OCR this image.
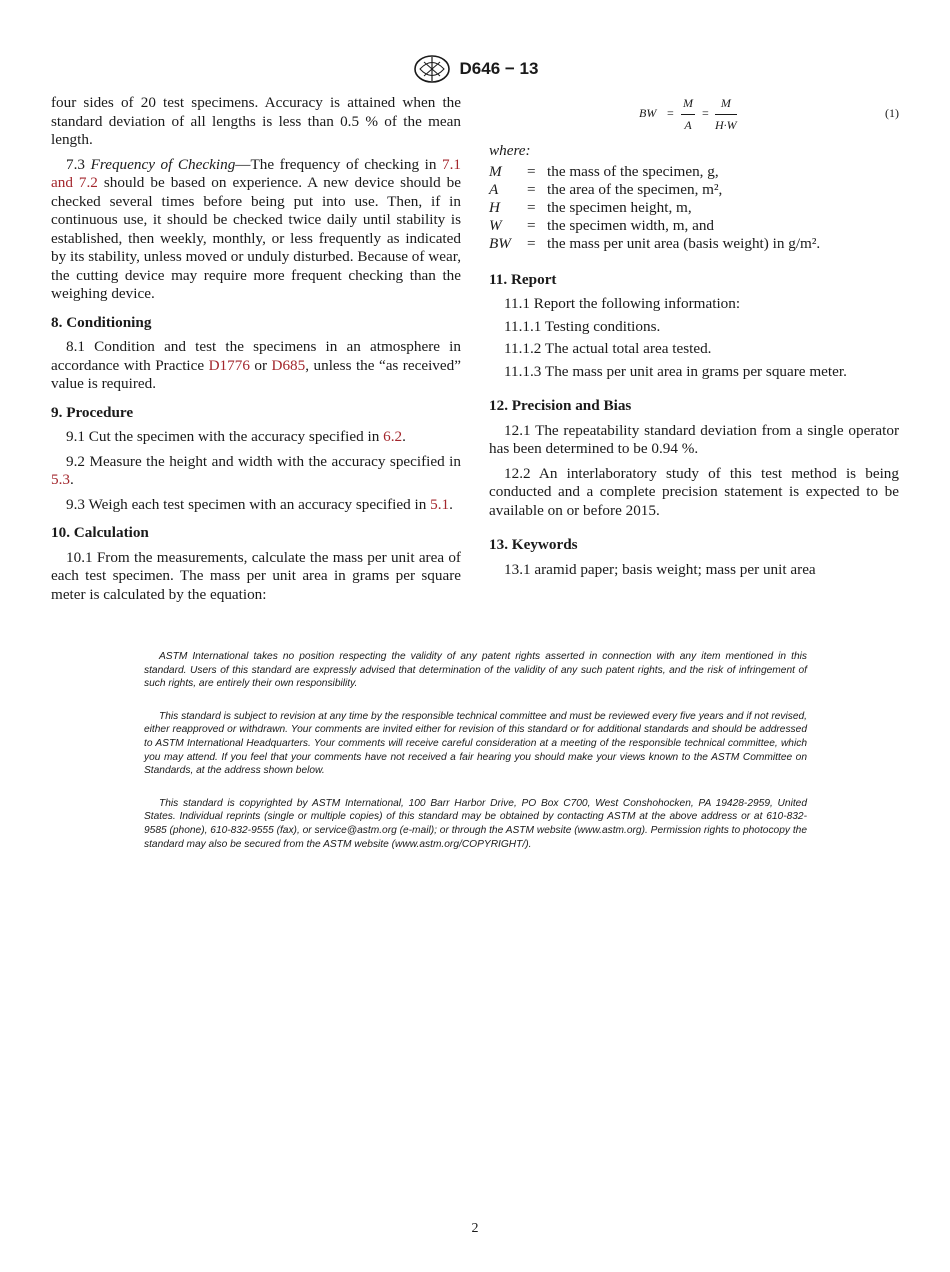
D646 − 13

four sides of 20 test specimens. Accuracy is attained when the standard deviation of all lengths is less than 0.5 % of the mean length.

7.3 Frequency of Checking—The frequency of checking in 7.1 and 7.2 should be based on experience. A new device should be checked several times before being put into use. Then, if in continuous use, it should be checked twice daily until stability is established, then weekly, monthly, or less frequently as indicated by its stability, unless moved or unduly disturbed. Because of wear, the cutting device may require more frequent checking than the weighing device.

8. Conditioning

8.1 Condition and test the specimens in an atmosphere in accordance with Practice D1776 or D685, unless the “as received” value is required.

9. Procedure

9.1 Cut the specimen with the accuracy specified in 6.2.

9.2 Measure the height and width with the accuracy specified in 5.3.

9.3 Weigh each test specimen with an accuracy specified in 5.1.

10. Calculation

10.1 From the measurements, calculate the mass per unit area of each test specimen. The mass per unit area in grams per square meter is calculated by the equation:

BW = $\frac{M}{A} = \frac{M}{H\cdot W}$	(1)
where:
M = the mass of the specimen, g,
A = the area of the specimen, m²,
H = the specimen height, m,
W = the specimen width, m, and
BW = the mass per unit area (basis weight) in g/m².
11. Report

11.1 Report the following information:

11.1.1 Testing conditions.

11.1.2 The actual total area tested.

11.1.3 The mass per unit area in grams per square meter.

12. Precision and Bias

12.1 The repeatability standard deviation from a single operator has been determined to be 0.94 %.

12.2 An interlaboratory study of this test method is being conducted and a complete precision statement is expected to be available on or before 2015.

13. Keywords

13.1 aramid paper; basis weight; mass per unit area

ASTM International takes no position respecting the validity of any patent rights asserted in connection with any item mentioned in this standard. Users of this standard are expressly advised that determination of the validity of any such patent rights, and the risk of infringement of such rights, are entirely their own responsibility.

This standard is subject to revision at any time by the responsible technical committee and must be reviewed every five years and if not revised, either reapproved or withdrawn. Your comments are invited either for revision of this standard or for additional standards and should be addressed to ASTM International Headquarters. Your comments will receive careful consideration at a meeting of the responsible technical committee, which you may attend. If you feel that your comments have not received a fair hearing you should make your views known to the ASTM Committee on Standards, at the address shown below.

This standard is copyrighted by ASTM International, 100 Barr Harbor Drive, PO Box C700, West Conshohocken, PA 19428-2959, United States. Individual reprints (single or multiple copies) of this standard may be obtained by contacting ASTM at the above address or at 610-832-9585 (phone), 610-832-9555 (fax), or service@astm.org (e-mail); or through the ASTM website (www.astm.org). Permission rights to photocopy the standard may also be secured from the ASTM website (www.astm.org/COPYRIGHT/).

2
